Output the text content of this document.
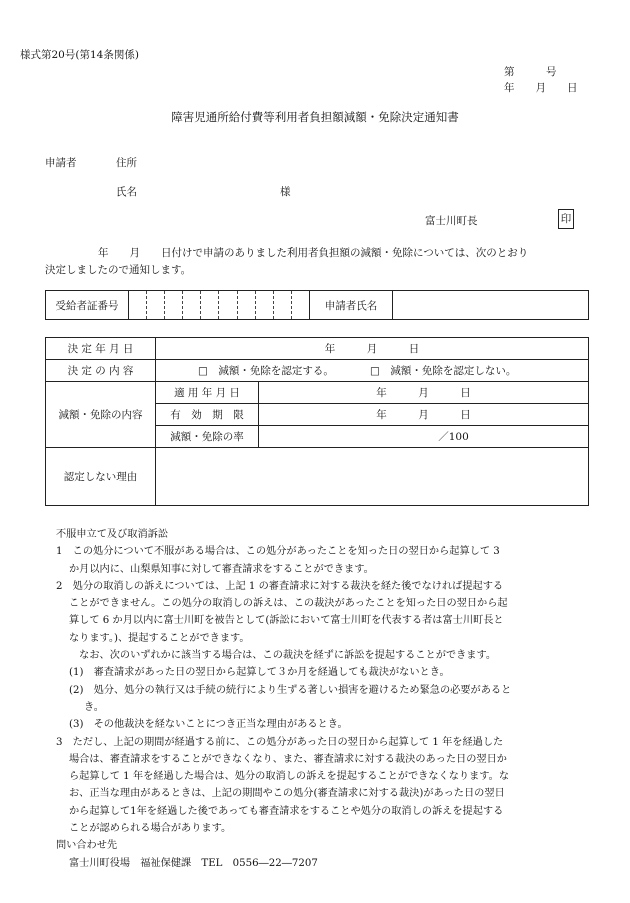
様式第20号(第14条関係)
第　　　号
年　　月　　日
障害児通所給付費等利用者負担額減額・免除決定通知書
申請者	住所
氏名	様
富士川町長	印
年　　月　　日付けで申請のありました利用者負担額の減額・免除については、次のとおり
決定しましたので通知します。
受給者証番号		申請者氏名	
決 定 年 月 日	年　　　月　　　日	
決 定 の 内 容	□　減額・免除を認定する。 □　減額・免除を認定しない。	
減額・免除の内容	適 用 年 月 日	年　　　月　　　日
	有　効　期　限	年　　　月　　　日
	減額・免除の率	／100
認定しない理由		

不服申立て及び取消訴訟

1　この処分について不服がある場合は、この処分があったことを知った日の翌日から起算して 3

か月以内に、山梨県知事に対して審査請求をすることができます。

2　処分の取消しの訴えについては、上記 1 の審査請求に対する裁決を経た後でなければ提起する

ことができません。この処分の取消しの訴えは、この裁決があったことを知った日の翌日から起

算して 6 か月以内に富士川町を被告として(訴訟において富士川町を代表する者は富士川町長と

なります。)、提起することができます。

　なお、次のいずれかに該当する場合は、この裁決を経ずに訴訟を提起することができます。

(1)　審査請求があった日の翌日から起算して３か月を経過しても裁決がないとき。

(2)　処分、処分の執行又は手続の続行により生ずる著しい損害を避けるため緊急の必要があると

き。

(3)　その他裁決を経ないことにつき正当な理由があるとき。

3　ただし、上記の期間が経過する前に、この処分があった日の翌日から起算して 1 年を経過した

場合は、審査請求をすることができなくなり、また、審査請求に対する裁決のあった日の翌日か

ら起算して 1 年を経過した場合は、処分の取消しの訴えを提起することができなくなります。な

お、正当な理由があるときは、上記の期間やこの処分(審査請求に対する裁決)があった日の翌日

から起算して1年を経過した後であっても審査請求をすることや処分の取消しの訴えを提起する

ことが認められる場合があります。

問い合わせ先

富士川町役場　福祉保健課　TEL　0556―22―7207
